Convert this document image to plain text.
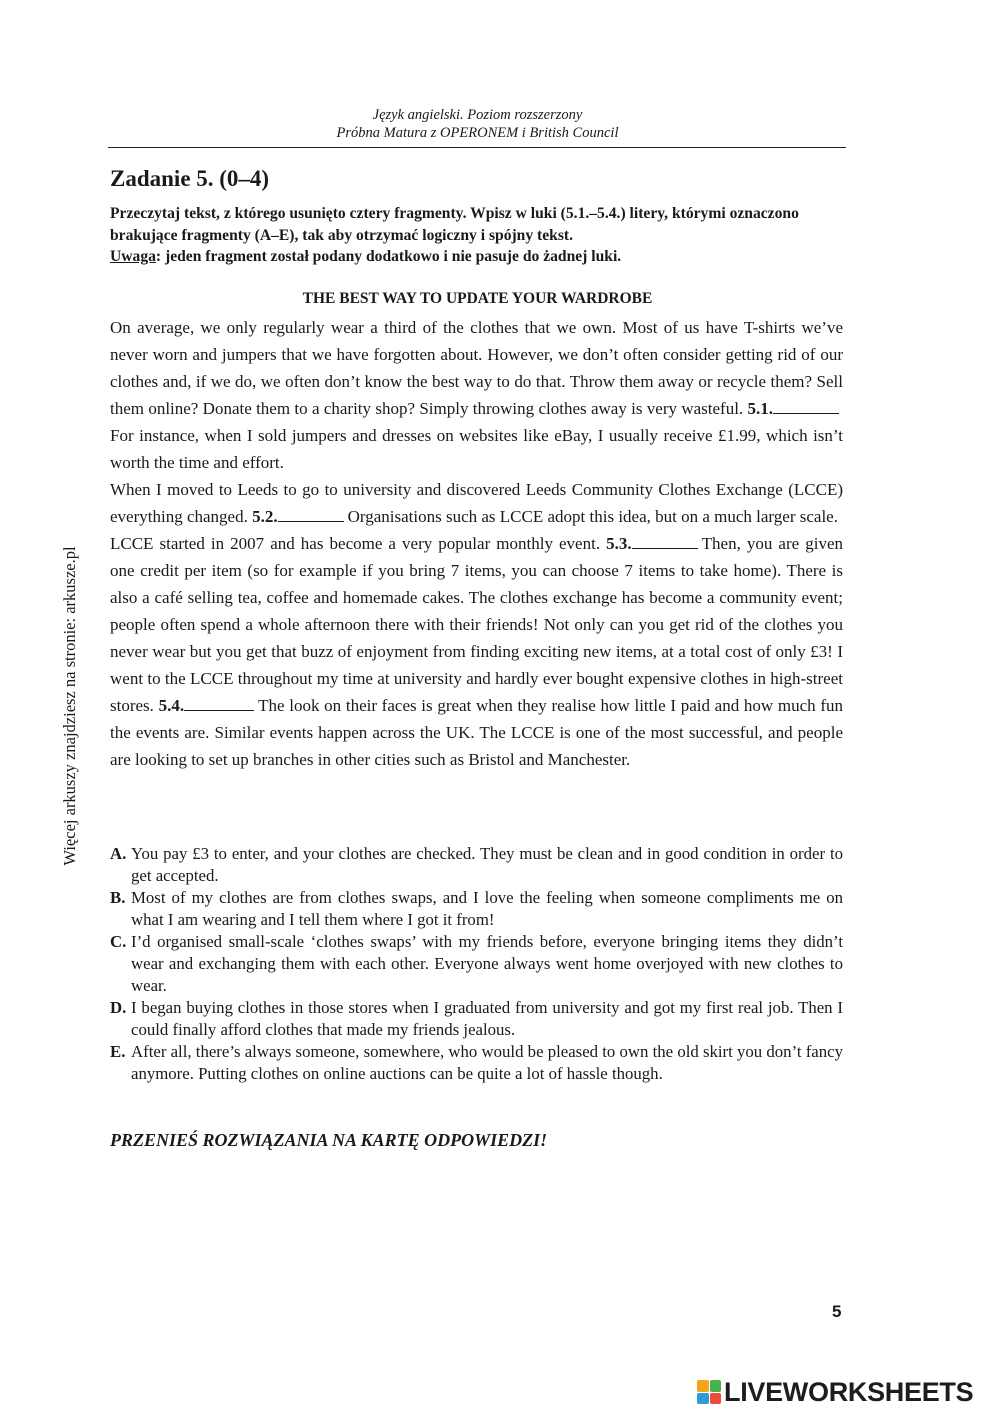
Więcej arkuszy znajdziesz na stronie: arkusze.pl
Język angielski. Poziom rozszerzony
Próbna Matura z OPERONEM i British Council
Zadanie 5. (0–4)
Przeczytaj tekst, z którego usunięto cztery fragmenty. Wpisz w luki (5.1.–5.4.) litery, którymi oznaczono brakujące fragmenty (A–E), tak aby otrzymać logiczny i spójny tekst.
Uwaga: jeden fragment został podany dodatkowo i nie pasuje do żadnej luki.
THE BEST WAY TO UPDATE YOUR WARDROBE

On average, we only regularly wear a third of the clothes that we own. Most of us have T-shirts we’ve never worn and jumpers that we have forgotten about. However, we don’t often consider getting rid of our clothes and, if we do, we often don’t know the best way to do that. Throw them away or recycle them? Sell them online? Donate them to a charity shop? Simply throwing clothes away is very wasteful. 5.1.For instance, when I sold jumpers and dresses on websites like eBay, I usually receive £1.99, which isn’t worth the time and effort.

When I moved to Leeds to go to university and discovered Leeds Community Clothes Exchange (LCCE) everything changed. 5.2.	Organisations such as LCCE adopt this idea, but on a much larger scale.

LCCE started in 2007 and has become a very popular monthly event. 5.3.	Then, you are given one credit per item (so for example if you bring 7 items, you can choose 7 items to take home). There is also a café selling tea, coffee and homemade cakes. The clothes exchange has become a community event; people often spend a whole afternoon there with their friends! Not only can you get rid of the clothes you never wear but you get that buzz of enjoyment from finding exciting new items, at a total cost of only £3! I went to the LCCE throughout my time at university and hardly ever bought expensive clothes in high-street stores. 5.4.	The look on their faces is great when they realise how little I paid and how much fun the events are. Similar events happen across the UK. The LCCE is one of the most successful, and people are looking to set up branches in other cities such as Bristol and Manchester.

A. You pay £3 to enter, and your clothes are checked. They must be clean and in good condition in order to get accepted.
B. Most of my clothes are from clothes swaps, and I love the feeling when someone compliments me on what I am wearing and I tell them where I got it from!
C. I’d organised small-scale ‘clothes swaps’ with my friends before, everyone bringing items they didn’t wear and exchanging them with each other. Everyone always went home overjoyed with new clothes to wear.
D. I began buying clothes in those stores when I graduated from university and got my first real job. Then I could finally afford clothes that made my friends jealous.
E. After all, there’s always someone, somewhere, who would be pleased to own the old skirt you don’t fancy anymore. Putting clothes on online auctions can be quite a lot of hassle though.
PRZENIEŚ ROZWIĄZANIA NA KARTĘ ODPOWIEDZI!
5
LIVEWORKSHEETS
